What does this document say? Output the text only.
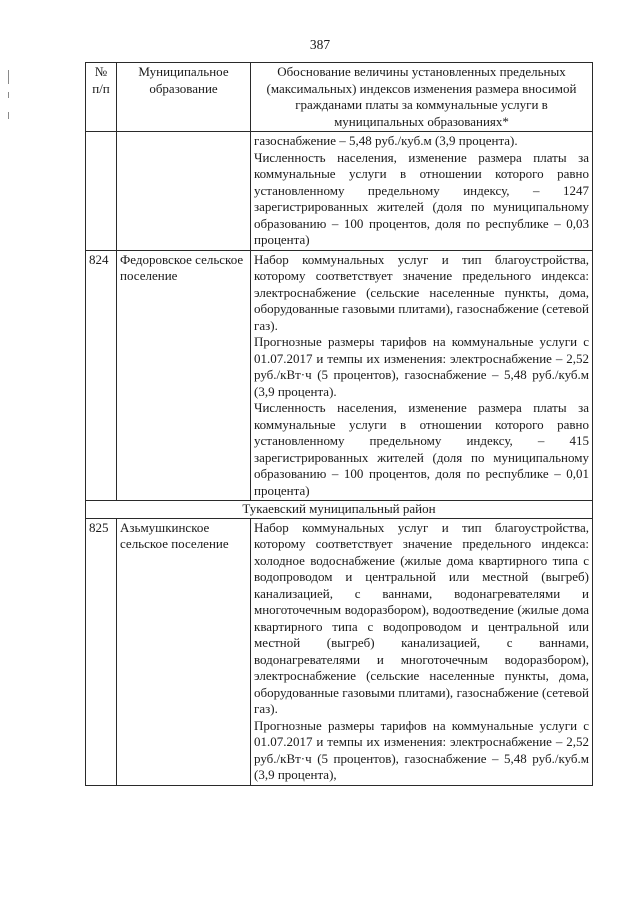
387
№ п/п	Муниципальное образование	Обоснование величины установленных предельных (максимальных) индексов изменения размера вносимой гражданами платы за коммунальные услуги в муниципальных образованиях*

		газоснабжение – 5,48 руб./куб.м (3,9 процента).

Численность населения, изменение размера платы за коммунальные услуги в отношении которого равно установленному предельному индексу, – 1247 зарегистрированных жителей (доля по муниципальному образованию – 100 процентов, доля по республике – 0,03 процента)

824	Федоровское сельское поселение	Набор коммунальных услуг и тип благоустройства, которому соответствует значение предельного индекса: электроснабжение (сельские населенные пункты, дома, оборудованные газовыми плитами), газоснабжение (сетевой газ).

Прогнозные размеры тарифов на коммунальные услуги с 01.07.2017 и темпы их изменения: электроснабжение – 2,52 руб./кВт·ч (5 процентов), газоснабжение – 5,48 руб./куб.м (3,9 процента).

Численность населения, изменение размера платы за коммунальные услуги в отношении которого равно установленному предельному индексу, – 415 зарегистрированных жителей (доля по муниципальному образованию – 100 процентов, доля по республике – 0,01 процента)

Тукаевский муниципальный район		
825	Азьмушкинское сельское поселение	Набор коммунальных услуг и тип благоустройства, которому соответствует значение предельного индекса: холодное водоснабжение (жилые дома квартирного типа с водопроводом и центральной или местной (выгреб) канализацией, с ваннами, водонагревателями и многоточечным водоразбором), водоотведение (жилые дома квартирного типа с водопроводом и центральной или местной (выгреб) канализацией, с ваннами, водонагревателями и многоточечным водоразбором), электроснабжение (сельские населенные пункты, дома, оборудованные газовыми плитами), газоснабжение (сетевой газ).

Прогнозные размеры тарифов на коммунальные услуги с 01.07.2017 и темпы их изменения: электроснабжение – 2,52 руб./кВт·ч (5 процентов), газоснабжение – 5,48 руб./куб.м (3,9 процента),
